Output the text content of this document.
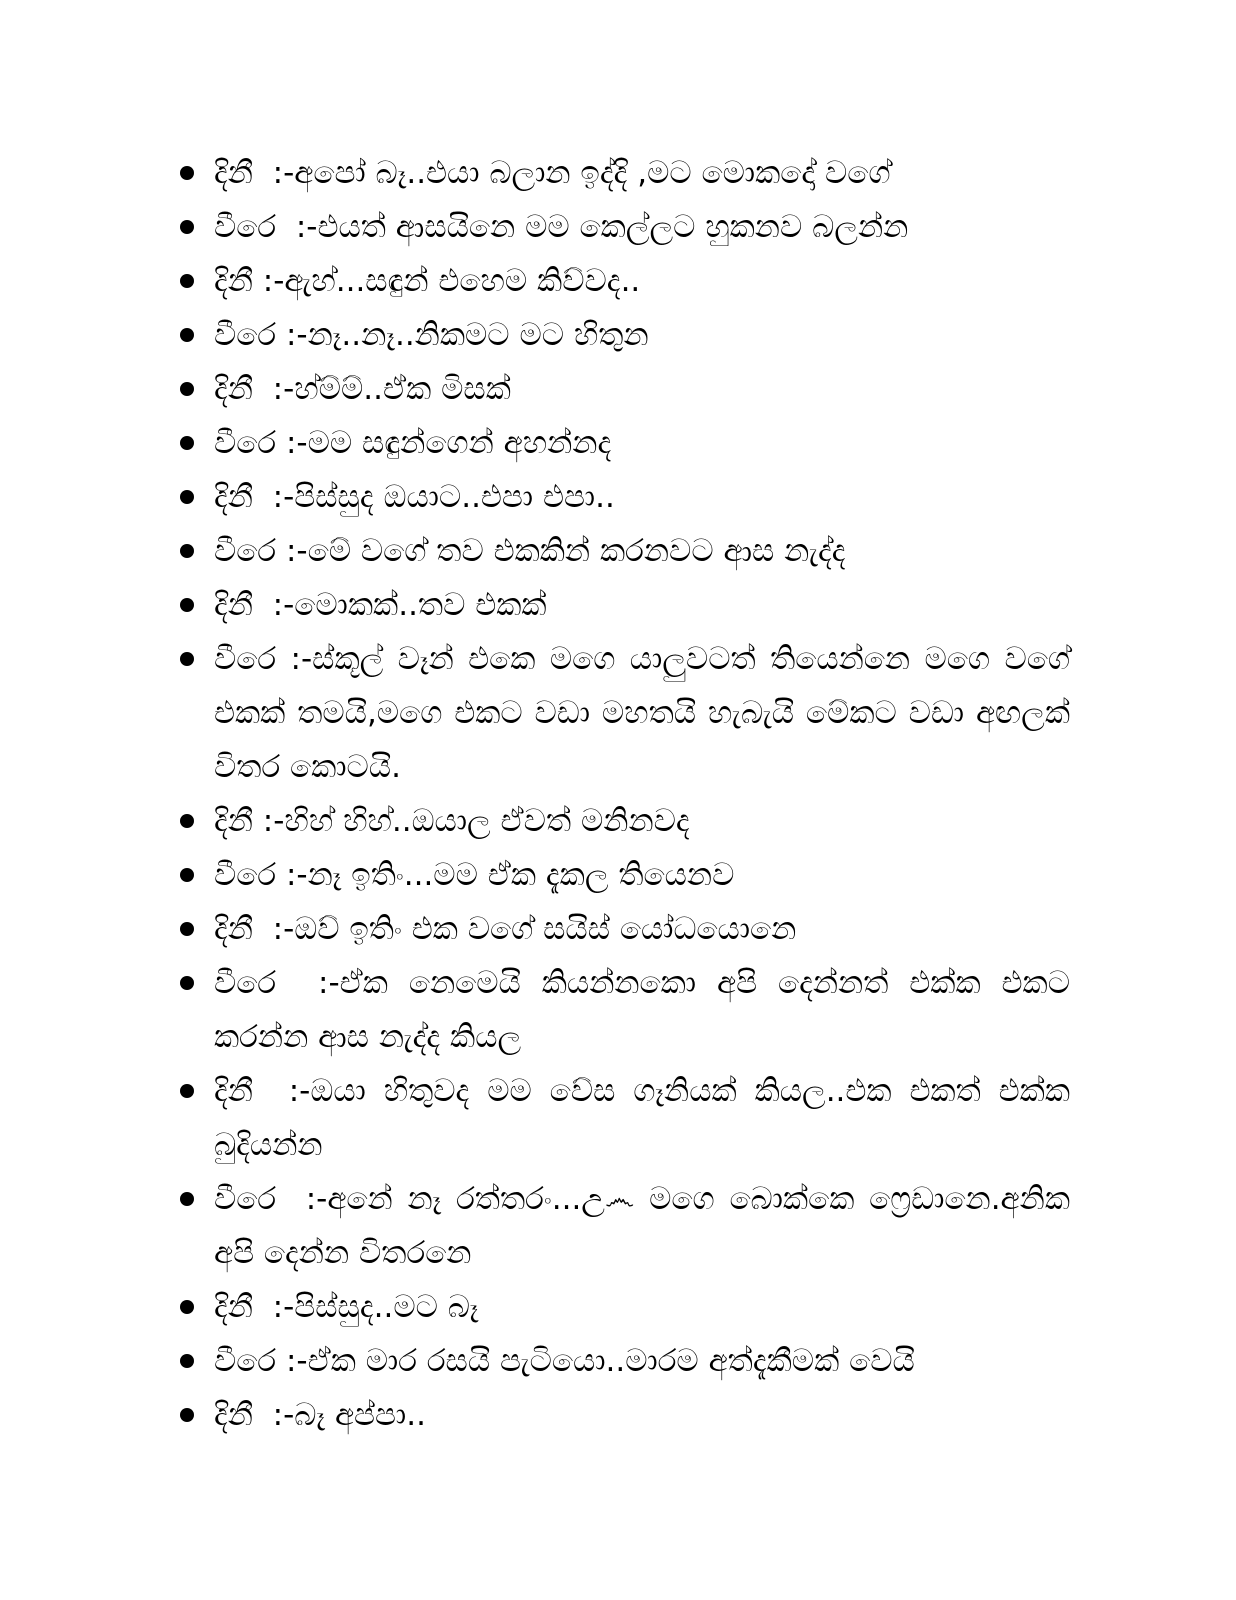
දිනී  :-අපෝ බෑ..එයා බලාන ඉද්දි ,මට මොකදෝ වගේ
වීරෙ  :-එයත් ආසයිනෙ මම කෙල්ලට හුකනව බලන්න
දිනී :-ඇහ්...සඳුන් එහෙම කිව්වද..
වීරෙ :-නෑ..නෑ..නිකමට මට හිතුන
දිනී  :-හ්ම්ම්..ඒක මිසක්
වීරෙ :-මම සඳුන්ගෙන් අහන්නද
දිනී  :-පිස්සුද ඔයාට..එපා එපා..
වීරෙ :-මේ වගේ තව එකකින් කරනවට ආස නැද්ද
දිනී  :-මොකක්..තව එකක්
වීරෙ :-ස්කූල් වෑන් එකෙ මගෙ යාලුවටත් තියෙන්නෙ මගෙ වගේ එකක් තමයි,මගෙ එකට වඩා මහතයි හැබැයි මේකට වඩා අඟලක් විතර කොටයි.
දිනී :-හිහ් හිහ්..ඔයාල ඒවත් මනිනවද
වීරෙ :-නෑ ඉතිං...මම ඒක දැකල තියෙනව
දිනී  :-ඔව් ඉතිං එක වගේ සයිස් යෝධයොනෙ
වීරෙ  :-ඒක නෙමෙයි කියන්නකො අපි දෙන්නත් එක්ක එකට කරන්න ආස නැද්ද කියල
දිනී  :-ඔයා හිතුවද මම වේස ගෑනියක් කියල..එක එකත් එක්ක බුදියන්න
වීරෙ  :-අනේ නෑ රත්තරං...උ෴ මගෙ බොක්කෙ ෆ්‍රෙඩානෙ.අනික අපි දෙන්න විතරනෙ
දිනී  :-පිස්සුද..මට බෑ
වීරෙ :-ඒක මාර රසයි පැටියො..මාරම අත්දැකීමක් වෙයි
දිනී  :-බෑ අප්පා..
